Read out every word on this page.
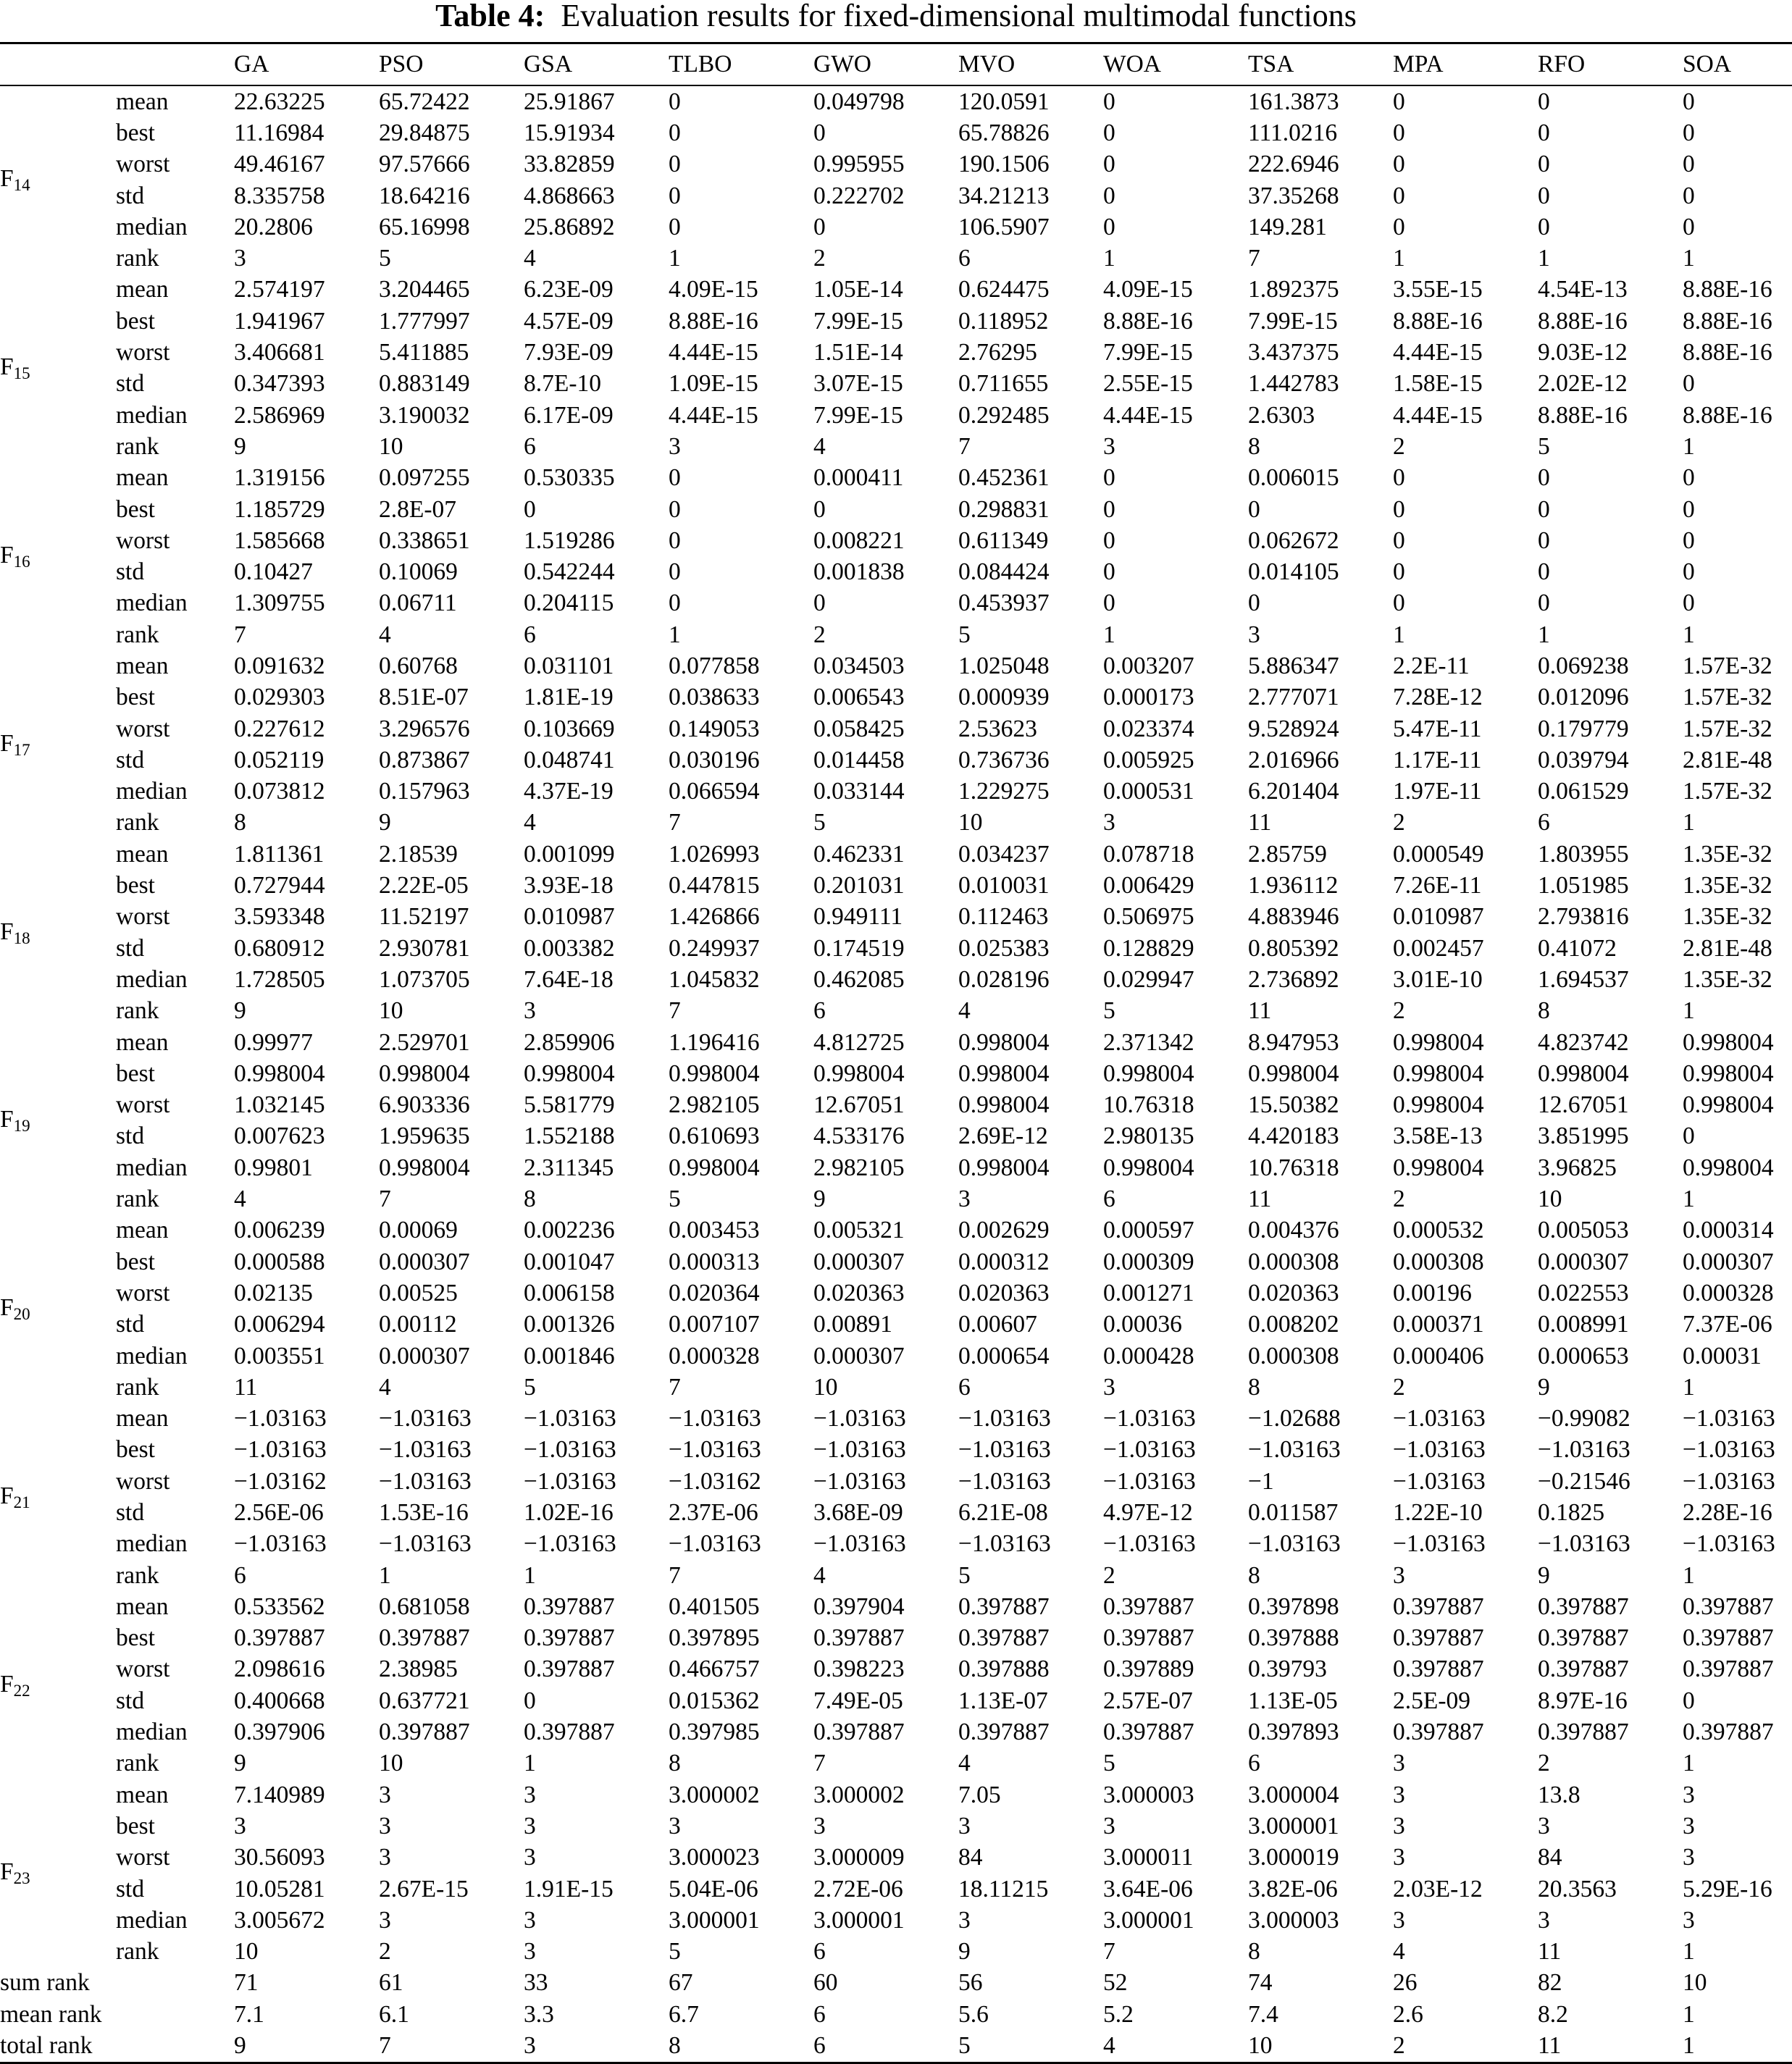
Table 4: Evaluation results for fixed-dimensional multimodal functions
		GA	PSO	GSA	TLBO	GWO	MVO	WOA	TSA	MPA	RFO	SOA
$F_{14}$	mean	22.63225	65.72422	25.91867	0	0.049798	120.0591	0	161.3873	0	0	0
	best	11.16984	29.84875	15.91934	0	0	65.78826	0	111.0216	0	0	0
	worst	49.46167	97.57666	33.82859	0	0.995955	190.1506	0	222.6946	0	0	0
	std	8.335758	18.64216	4.868663	0	0.222702	34.21213	0	37.35268	0	0	0
	median	20.2806	65.16998	25.86892	0	0	106.5907	0	149.281	0	0	0
	rank	3	5	4	1	2	6	1	7	1	1	1
$F_{15}$	mean	2.574197	3.204465	6.23E-09	4.09E-15	1.05E-14	0.624475	4.09E-15	1.892375	3.55E-15	4.54E-13	8.88E-16
	best	1.941967	1.777997	4.57E-09	8.88E-16	7.99E-15	0.118952	8.88E-16	7.99E-15	8.88E-16	8.88E-16	8.88E-16
	worst	3.406681	5.411885	7.93E-09	4.44E-15	1.51E-14	2.76295	7.99E-15	3.437375	4.44E-15	9.03E-12	8.88E-16
	std	0.347393	0.883149	8.7E-10	1.09E-15	3.07E-15	0.711655	2.55E-15	1.442783	1.58E-15	2.02E-12	0
	median	2.586969	3.190032	6.17E-09	4.44E-15	7.99E-15	0.292485	4.44E-15	2.6303	4.44E-15	8.88E-16	8.88E-16
	rank	9	10	6	3	4	7	3	8	2	5	1
$F_{16}$	mean	1.319156	0.097255	0.530335	0	0.000411	0.452361	0	0.006015	0	0	0
	best	1.185729	2.8E-07	0	0	0	0.298831	0	0	0	0	0
	worst	1.585668	0.338651	1.519286	0	0.008221	0.611349	0	0.062672	0	0	0
	std	0.10427	0.10069	0.542244	0	0.001838	0.084424	0	0.014105	0	0	0
	median	1.309755	0.06711	0.204115	0	0	0.453937	0	0	0	0	0
	rank	7	4	6	1	2	5	1	3	1	1	1
$F_{17}$	mean	0.091632	0.60768	0.031101	0.077858	0.034503	1.025048	0.003207	5.886347	2.2E-11	0.069238	1.57E-32
	best	0.029303	8.51E-07	1.81E-19	0.038633	0.006543	0.000939	0.000173	2.777071	7.28E-12	0.012096	1.57E-32
	worst	0.227612	3.296576	0.103669	0.149053	0.058425	2.53623	0.023374	9.528924	5.47E-11	0.179779	1.57E-32
	std	0.052119	0.873867	0.048741	0.030196	0.014458	0.736736	0.005925	2.016966	1.17E-11	0.039794	2.81E-48
	median	0.073812	0.157963	4.37E-19	0.066594	0.033144	1.229275	0.000531	6.201404	1.97E-11	0.061529	1.57E-32
	rank	8	9	4	7	5	10	3	11	2	6	1
$F_{18}$	mean	1.811361	2.18539	0.001099	1.026993	0.462331	0.034237	0.078718	2.85759	0.000549	1.803955	1.35E-32
	best	0.727944	2.22E-05	3.93E-18	0.447815	0.201031	0.010031	0.006429	1.936112	7.26E-11	1.051985	1.35E-32
	worst	3.593348	11.52197	0.010987	1.426866	0.949111	0.112463	0.506975	4.883946	0.010987	2.793816	1.35E-32
	std	0.680912	2.930781	0.003382	0.249937	0.174519	0.025383	0.128829	0.805392	0.002457	0.41072	2.81E-48
	median	1.728505	1.073705	7.64E-18	1.045832	0.462085	0.028196	0.029947	2.736892	3.01E-10	1.694537	1.35E-32
	rank	9	10	3	7	6	4	5	11	2	8	1
$F_{19}$	mean	0.99977	2.529701	2.859906	1.196416	4.812725	0.998004	2.371342	8.947953	0.998004	4.823742	0.998004
	best	0.998004	0.998004	0.998004	0.998004	0.998004	0.998004	0.998004	0.998004	0.998004	0.998004	0.998004
	worst	1.032145	6.903336	5.581779	2.982105	12.67051	0.998004	10.76318	15.50382	0.998004	12.67051	0.998004
	std	0.007623	1.959635	1.552188	0.610693	4.533176	2.69E-12	2.980135	4.420183	3.58E-13	3.851995	0
	median	0.99801	0.998004	2.311345	0.998004	2.982105	0.998004	0.998004	10.76318	0.998004	3.96825	0.998004
	rank	4	7	8	5	9	3	6	11	2	10	1
$F_{20}$	mean	0.006239	0.00069	0.002236	0.003453	0.005321	0.002629	0.000597	0.004376	0.000532	0.005053	0.000314
	best	0.000588	0.000307	0.001047	0.000313	0.000307	0.000312	0.000309	0.000308	0.000308	0.000307	0.000307
	worst	0.02135	0.00525	0.006158	0.020364	0.020363	0.020363	0.001271	0.020363	0.00196	0.022553	0.000328
	std	0.006294	0.00112	0.001326	0.007107	0.00891	0.00607	0.00036	0.008202	0.000371	0.008991	7.37E-06
	median	0.003551	0.000307	0.001846	0.000328	0.000307	0.000654	0.000428	0.000308	0.000406	0.000653	0.00031
	rank	11	4	5	7	10	6	3	8	2	9	1
$F_{21}$	mean	−1.03163	−1.03163	−1.03163	−1.03163	−1.03163	−1.03163	−1.03163	−1.02688	−1.03163	−0.99082	−1.03163
	best	−1.03163	−1.03163	−1.03163	−1.03163	−1.03163	−1.03163	−1.03163	−1.03163	−1.03163	−1.03163	−1.03163
	worst	−1.03162	−1.03163	−1.03163	−1.03162	−1.03163	−1.03163	−1.03163	−1	−1.03163	−0.21546	−1.03163
	std	2.56E-06	1.53E-16	1.02E-16	2.37E-06	3.68E-09	6.21E-08	4.97E-12	0.011587	1.22E-10	0.1825	2.28E-16
	median	−1.03163	−1.03163	−1.03163	−1.03163	−1.03163	−1.03163	−1.03163	−1.03163	−1.03163	−1.03163	−1.03163
	rank	6	1	1	7	4	5	2	8	3	9	1
$F_{22}$	mean	0.533562	0.681058	0.397887	0.401505	0.397904	0.397887	0.397887	0.397898	0.397887	0.397887	0.397887
	best	0.397887	0.397887	0.397887	0.397895	0.397887	0.397887	0.397887	0.397888	0.397887	0.397887	0.397887
	worst	2.098616	2.38985	0.397887	0.466757	0.398223	0.397888	0.397889	0.39793	0.397887	0.397887	0.397887
	std	0.400668	0.637721	0	0.015362	7.49E-05	1.13E-07	2.57E-07	1.13E-05	2.5E-09	8.97E-16	0
	median	0.397906	0.397887	0.397887	0.397985	0.397887	0.397887	0.397887	0.397893	0.397887	0.397887	0.397887
	rank	9	10	1	8	7	4	5	6	3	2	1
$F_{23}$	mean	7.140989	3	3	3.000002	3.000002	7.05	3.000003	3.000004	3	13.8	3
	best	3	3	3	3	3	3	3	3.000001	3	3	3
	worst	30.56093	3	3	3.000023	3.000009	84	3.000011	3.000019	3	84	3
	std	10.05281	2.67E-15	1.91E-15	5.04E-06	2.72E-06	18.11215	3.64E-06	3.82E-06	2.03E-12	20.3563	5.29E-16
	median	3.005672	3	3	3.000001	3.000001	3	3.000001	3.000003	3	3	3
	rank	10	2	3	5	6	9	7	8	4	11	1
sum rank		71	61	33	67	60	56	52	74	26	82	10
mean rank		7.1	6.1	3.3	6.7	6	5.6	5.2	7.4	2.6	8.2	1
total rank		9	7	3	8	6	5	4	10	2	11	1
